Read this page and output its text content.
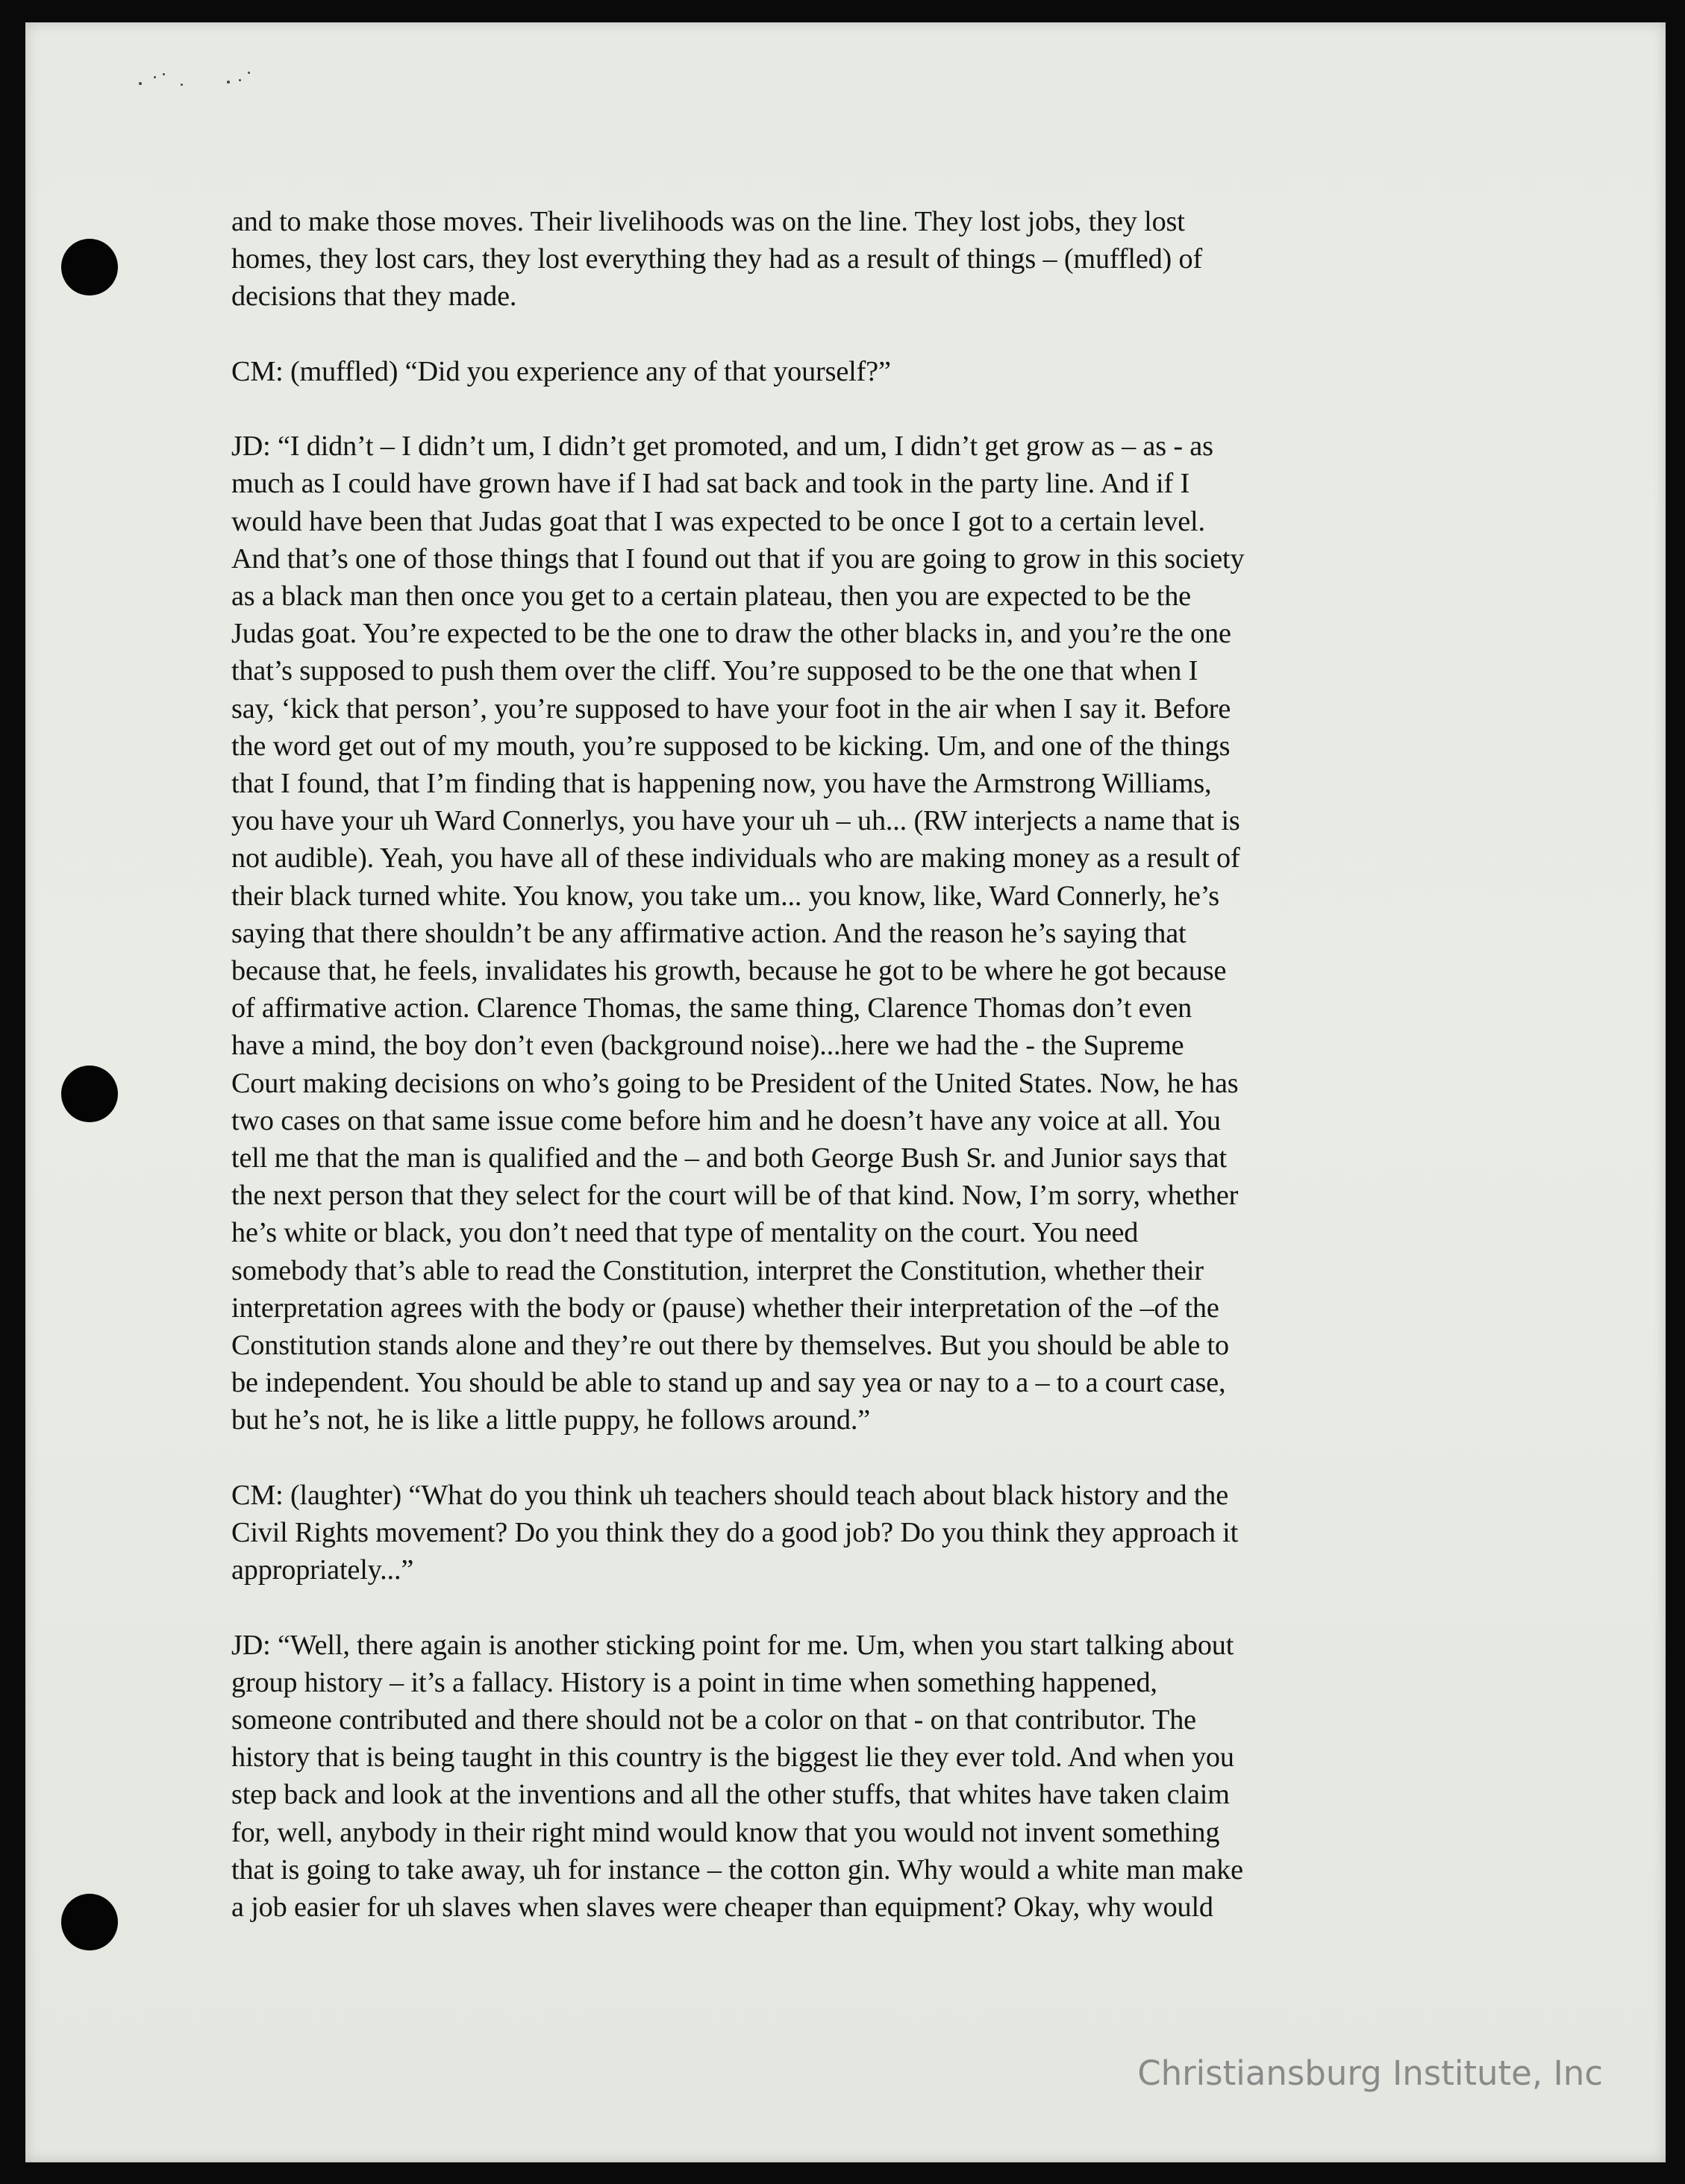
and to make those moves. Their livelihoods was on the line. They lost jobs, they lost
homes, they lost cars, they lost everything they had as a result of things – (muffled) of
decisions that they made.

CM: (muffled) “Did you experience any of that yourself?”

JD: “I didn’t – I didn’t um, I didn’t get promoted, and um, I didn’t get grow as – as - as
much as I could have grown have if I had sat back and took in the party line. And if I
would have been that Judas goat that I was expected to be once I got to a certain level.
And that’s one of those things that I found out that if you are going to grow in this society
as a black man then once you get to a certain plateau, then you are expected to be the
Judas goat. You’re expected to be the one to draw the other blacks in, and you’re the one
that’s supposed to push them over the cliff. You’re supposed to be the one that when I
say, ‘kick that person’, you’re supposed to have your foot in the air when I say it. Before
the word get out of my mouth, you’re supposed to be kicking. Um, and one of the things
that I found, that I’m finding that is happening now, you have the Armstrong Williams,
you have your uh Ward Connerlys, you have your uh – uh... (RW interjects a name that is
not audible). Yeah, you have all of these individuals who are making money as a result of
their black turned white. You know, you take um... you know, like, Ward Connerly, he’s
saying that there shouldn’t be any affirmative action. And the reason he’s saying that
because that, he feels, invalidates his growth, because he got to be where he got because
of affirmative action. Clarence Thomas, the same thing, Clarence Thomas don’t even
have a mind, the boy don’t even (background noise)...here we had the - the Supreme
Court making decisions on who’s going to be President of the United States. Now, he has
two cases on that same issue come before him and he doesn’t have any voice at all. You
tell me that the man is qualified and the – and both George Bush Sr. and Junior says that
the next person that they select for the court will be of that kind. Now, I’m sorry, whether
he’s white or black, you don’t need that type of mentality on the court. You need
somebody that’s able to read the Constitution, interpret the Constitution, whether their
interpretation agrees with the body or (pause) whether their interpretation of the –of the
Constitution stands alone and they’re out there by themselves. But you should be able to
be independent. You should be able to stand up and say yea or nay to a – to a court case,
but he’s not, he is like a little puppy, he follows around.”

CM: (laughter) “What do you think uh teachers should teach about black history and the
Civil Rights movement? Do you think they do a good job? Do you think they approach it
appropriately...”

JD: “Well, there again is another sticking point for me. Um, when you start talking about
group history – it’s a fallacy. History is a point in time when something happened,
someone contributed and there should not be a color on that - on that contributor. The
history that is being taught in this country is the biggest lie they ever told. And when you
step back and look at the inventions and all the other stuffs, that whites have taken claim
for, well, anybody in their right mind would know that you would not invent something
that is going to take away, uh for instance – the cotton gin. Why would a white man make
a job easier for uh slaves when slaves were cheaper than equipment? Okay, why would

Christiansburg Institute, Inc
